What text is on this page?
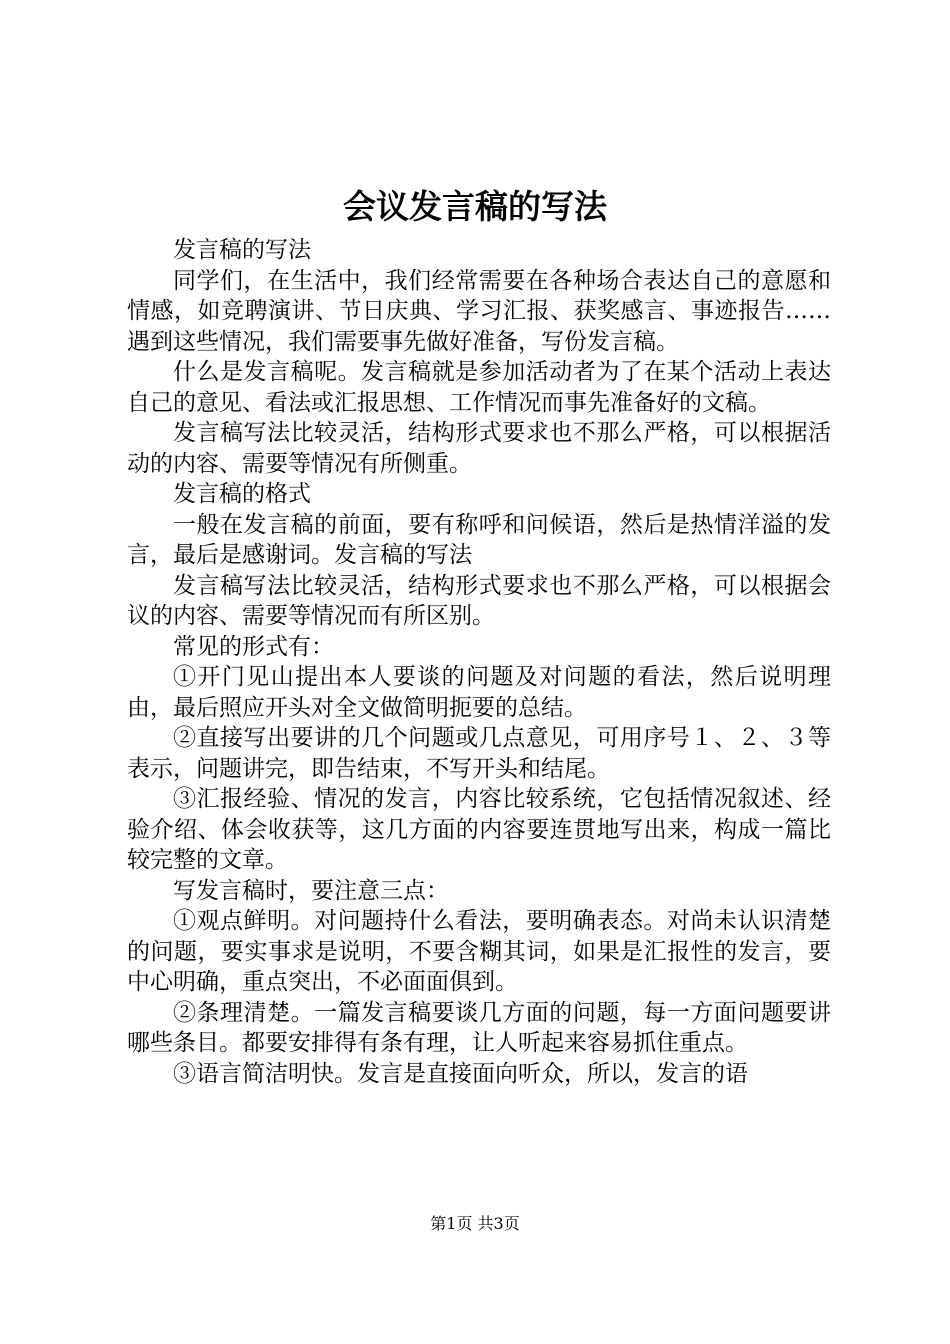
会议发言稿的写法

发言稿的写法

同学们，在生活中，我们经常需要在各种场合表达自己的意愿和情感，如竞聘演讲、节日庆典、学习汇报、获奖感言、事迹报告……遇到这些情况，我们需要事先做好准备，写份发言稿。

什么是发言稿呢。发言稿就是参加活动者为了在某个活动上表达自己的意见、看法或汇报思想、工作情况而事先准备好的文稿。

发言稿写法比较灵活，结构形式要求也不那么严格，可以根据活动的内容、需要等情况有所侧重。

发言稿的格式

一般在发言稿的前面，要有称呼和问候语，然后是热情洋溢的发言，最后是感谢词。发言稿的写法

发言稿写法比较灵活，结构形式要求也不那么严格，可以根据会议的内容、需要等情况而有所区别。

常见的形式有：

①开门见山提出本人要谈的问题及对问题的看法，然后说明理由，最后照应开头对全文做简明扼要的总结。

②直接写出要讲的几个问题或几点意见，可用序号１、２、３等表示，问题讲完，即告结束，不写开头和结尾。

③汇报经验、情况的发言，内容比较系统，它包括情况叙述、经验介绍、体会收获等，这几方面的内容要连贯地写出来，构成一篇比较完整的文章。

写发言稿时，要注意三点：

①观点鲜明。对问题持什么看法，要明确表态。对尚未认识清楚的问题，要实事求是说明，不要含糊其词，如果是汇报性的发言，要中心明确，重点突出，不必面面俱到。

②条理清楚。一篇发言稿要谈几方面的问题，每一方面问题要讲哪些条目。都要安排得有条有理，让人听起来容易抓住重点。

③语言简洁明快。发言是直接面向听众，所以，发言的语

第1页 共3页
